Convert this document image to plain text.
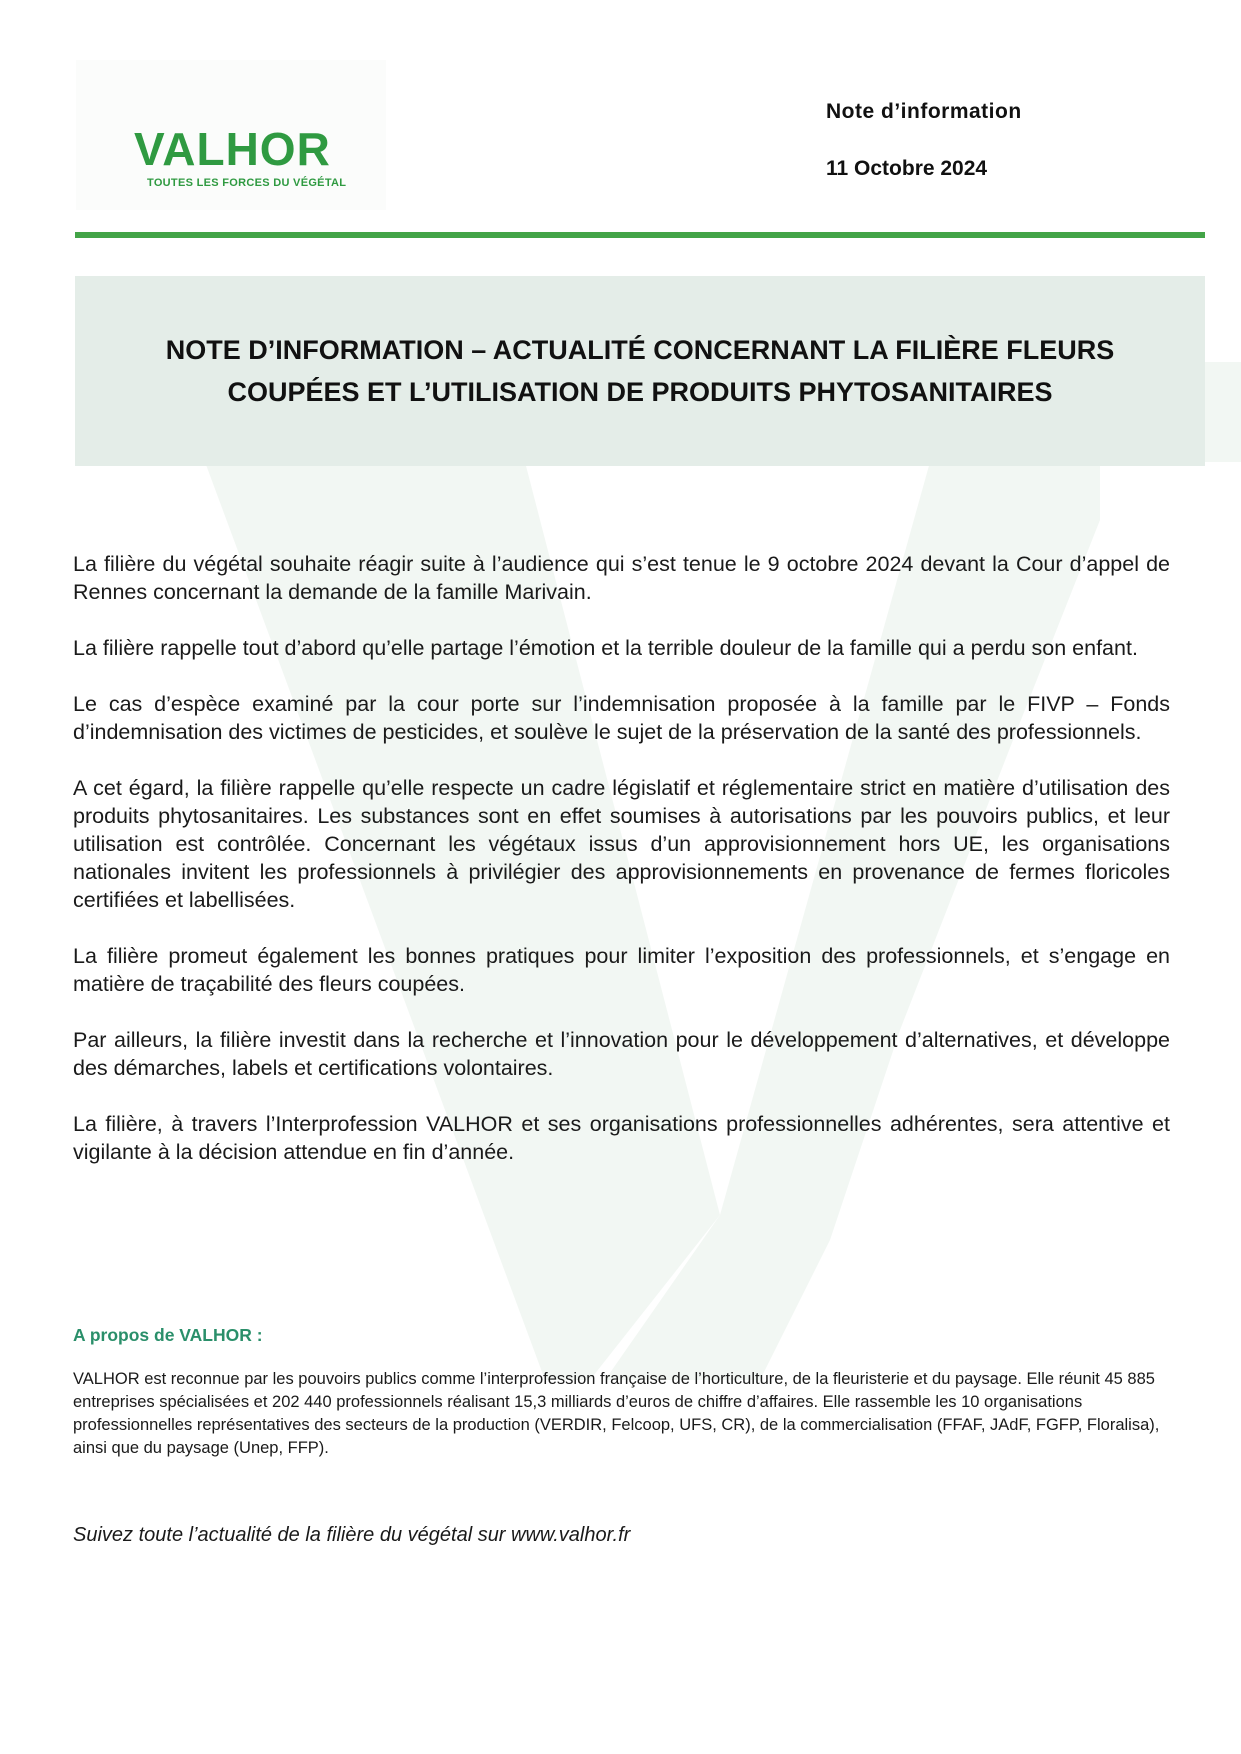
VALHOR
TOUTES LES FORCES DU VÉGÉTAL
Note d’information
11 Octobre 2024
NOTE D’INFORMATION – ACTUALITÉ CONCERNANT LA FILIÈRE FLEURS
COUPÉES ET L’UTILISATION DE PRODUITS PHYTOSANITAIRES

La filière du végétal souhaite réagir suite à l’audience qui s’est tenue le 9 octobre 2024 devant la Cour d’appel de Rennes concernant la demande de la famille Marivain.

La filière rappelle tout d’abord qu’elle partage l’émotion et la terrible douleur de la famille qui a perdu son enfant.

Le cas d’espèce examiné par la cour porte sur l’indemnisation proposée à la famille par le FIVP – Fonds d’indemnisation des victimes de pesticides, et soulève le sujet de la préservation de la santé des professionnels.

A cet égard, la filière rappelle qu’elle respecte un cadre législatif et réglementaire strict en matière d’utilisation des produits phytosanitaires. Les substances sont en effet soumises à autorisations par les pouvoirs publics, et leur utilisation est contrôlée. Concernant les végétaux issus d’un approvisionnement hors UE, les organisations nationales invitent les professionnels à privilégier des approvisionnements en provenance de fermes floricoles certifiées et labellisées.

La filière promeut également les bonnes pratiques pour limiter l’exposition des professionnels, et s’engage en matière de traçabilité des fleurs coupées.

Par ailleurs, la filière investit dans la recherche et l’innovation pour le développement d’alternatives, et développe des démarches, labels et certifications volontaires.

La filière, à travers l’Interprofession VALHOR et ses organisations professionnelles adhérentes, sera attentive et vigilante à la décision attendue en fin d’année.

A propos de VALHOR :

VALHOR est reconnue par les pouvoirs publics comme l’interprofession française de l’horticulture, de la fleuristerie et du paysage. Elle réunit 45 885 entreprises spécialisées et 202 440 professionnels réalisant 15,3 milliards d’euros de chiffre d’affaires. Elle rassemble les 10 organisations professionnelles représentatives des secteurs de la production (VERDIR, Felcoop, UFS, CR), de la commercialisation (FFAF, JAdF, FGFP, Floralisa), ainsi que du paysage (Unep, FFP).

Suivez toute l’actualité de la filière du végétal sur www.valhor.fr
